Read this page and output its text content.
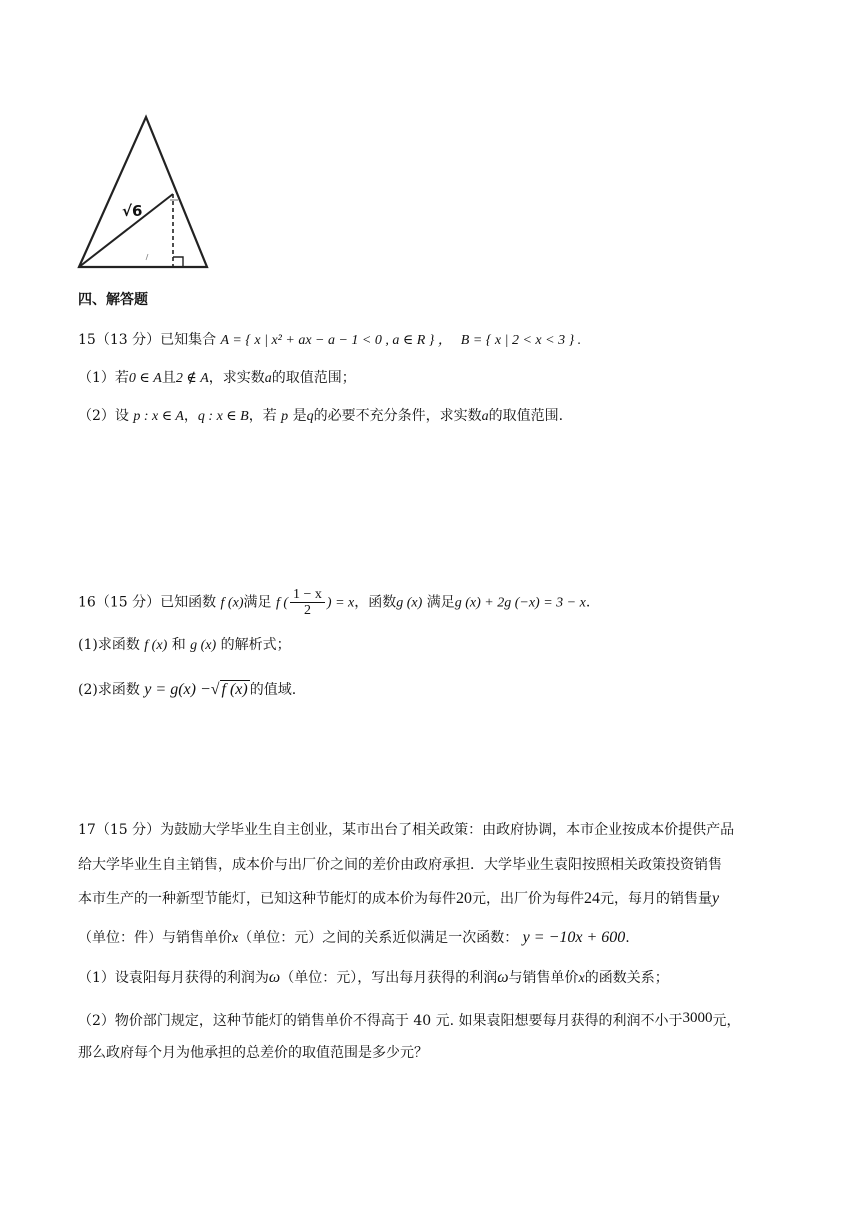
√6
四、解答题
15（13 分）已知集合 A = { x | x² + ax − a − 1 < 0 , a ∈ R } ， B = { x | 2 < x < 3 } .
（1）若0 ∈ A且2 ∉ A，求实数a的取值范围；
（2）设 p : x ∈ A，q : x ∈ B，若 p 是q的必要不充分条件，求实数a的取值范围.
16（15 分）已知函数 f (x)满足 f ( $\frac{1 - x}{2}$ ) = x，函数g (x) 满足g (x) + 2g (−x) = 3 − x.
(1)求函数 f (x) 和 g (x) 的解析式；
(2)求函数 y = g(x) −√ f (x) 的值域.
17（15 分）为鼓励大学毕业生自主创业，某市出台了相关政策：由政府协调，本市企业按成本价提供产品
给大学毕业生自主销售，成本价与出厂价之间的差价由政府承担．大学毕业生袁阳按照相关政策投资销售
本市生产的一种新型节能灯，已知这种节能灯的成本价为每件20元，出厂价为每件24元，每月的销售量y
（单位：件）与销售单价x（单位：元）之间的关系近似满足一次函数： y = −10x + 600.
（1）设袁阳每月获得的利润为ω（单位：元），写出每月获得的利润ω与销售单价x的函数关系；
（2）物价部门规定，这种节能灯的销售单价不得高于 40 元. 如果袁阳想要每月获得的利润不小于3000元，
那么政府每个月为他承担的总差价的取值范围是多少元？
